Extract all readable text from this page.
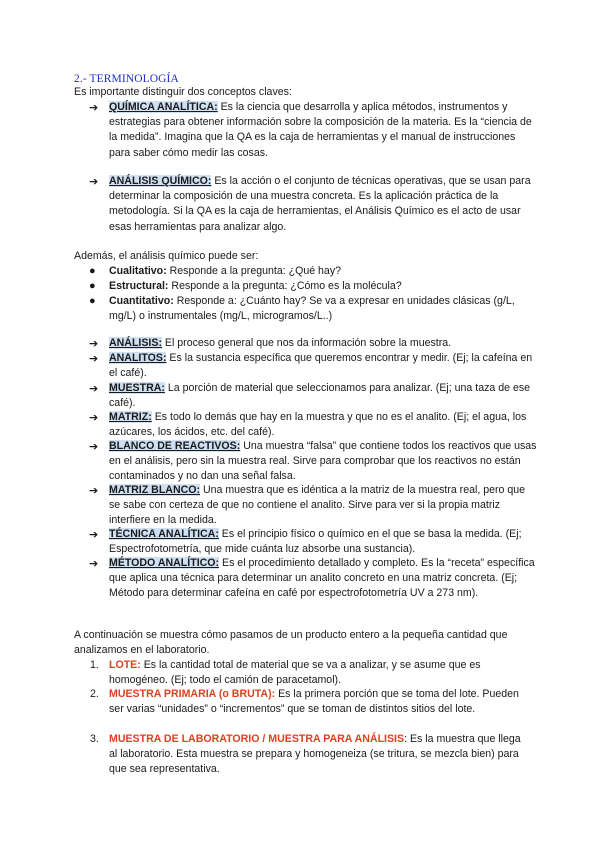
2.- TERMINOLOGÍA
Es importante distinguir dos conceptos claves:
➔	QUÍMICA ANALÍTICA: Es la ciencia que desarrolla y aplica métodos, instrumentos y estrategias para obtener información sobre la composición de la materia. Es la “ciencia de la medida”. Imagina que la QA es la caja de herramientas y el manual de instrucciones para saber cómo medir las cosas.
➔	ANÁLISIS QUÍMICO: Es la acción o el conjunto de técnicas operativas, que se usan para determinar la composición de una muestra concreta. Es la aplicación práctica de la metodología. Si la QA es la caja de herramientas, el Análisis Químico es el acto de usar esas herramientas para analizar algo.
Además, el análisis químico puede ser:
● Cualitativo: Responde a la pregunta: ¿Qué hay?
● Estructural: Responde a la pregunta: ¿Cómo es la molécula?
● Cuantitativo: Responde a: ¿Cuánto hay? Se va a expresar en unidades clásicas (g/L, mg/L) o instrumentales (mg/L, microgramos/L..)
➔	ANÁLISIS: El proceso general que nos da información sobre la muestra.
➔	ANALITOS: Es la sustancia específica que queremos encontrar y medir. (Ej; la cafeína en el café).
➔	MUESTRA: La porción de material que seleccionamos para analizar. (Ej; una taza de ese café).
➔	MATRIZ: Es todo lo demás que hay en la muestra y que no es el analito. (Ej; el agua, los azúcares, los ácidos, etc. del café).
➔	BLANCO DE REACTIVOS: Una muestra “falsa” que contiene todos los reactivos que usas en el análisis, pero sin la muestra real. Sirve para comprobar que los reactivos no están contaminados y no dan una señal falsa.
➔	MATRIZ BLANCO: Una muestra que es idéntica a la matriz de la muestra real, pero que se sabe con certeza de que no contiene el analito. Sirve para ver si la propia matriz interfiere en la medida.
➔	TÉCNICA ANALÍTICA: Es el principio físico o químico en el que se basa la medida. (Ej; Espectrofotometría, que mide cuánta luz absorbe una sustancia).
➔	MÉTODO ANALÍTICO: Es el procedimiento detallado y completo. Es la “receta” específica que aplica una técnica para determinar un analito concreto en una matriz concreta. (Ej; Método para determinar cafeína en café por espectrofotometría UV a 273 nm).
A continuación se muestra cómo pasamos de un producto entero a la pequeña cantidad que analizamos en el laboratorio.
1. LOTE: Es la cantidad total de material que se va a analizar, y se asume que es homogéneo. (Ej; todo el camión de paracetamol).
2. MUESTRA PRIMARIA (o BRUTA): Es la primera porción que se toma del lote. Pueden ser varias “unidades” o “incrementos” que se toman de distintos sitios del lote.
3. MUESTRA DE LABORATORIO / MUESTRA PARA ANÁLISIS: Es la muestra que llega al laboratorio. Esta muestra se prepara y homogeneiza (se tritura, se mezcla bien) para que sea representativa.
